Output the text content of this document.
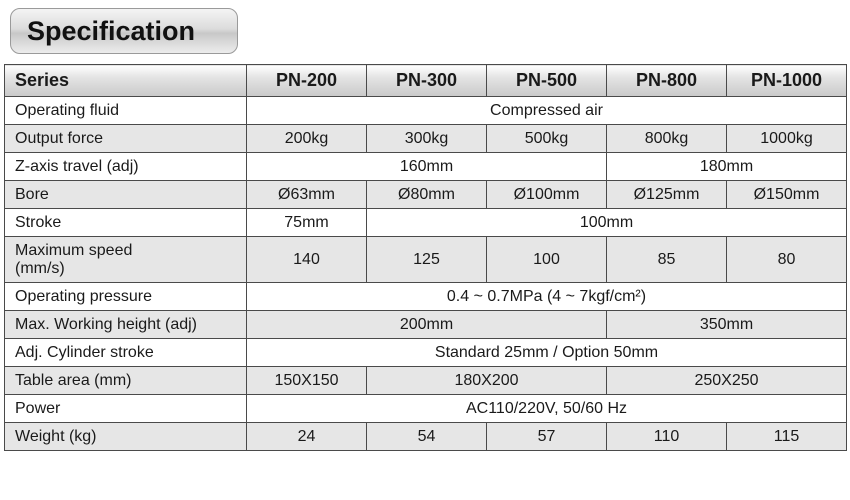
Specification
Series	PN-200	PN-300	PN-500	PN-800	PN-1000
Operating fluid	Compressed air				
Output force	200kg	300kg	500kg	800kg	1000kg
Z-axis travel (adj)	160mm			180mm	
Bore	Ø63mm	Ø80mm	Ø100mm	Ø125mm	Ø150mm
Stroke	75mm	100mm			
Maximum speed
(mm/s)	140	125	100	85	80
Operating pressure	0.4 ~ 0.7MPa (4 ~ 7kgf/cm²)				
Max. Working height (adj)	200mm			350mm	
Adj. Cylinder stroke	Standard 25mm / Option 50mm				
Table area (mm)	150X150	180X200		250X250	
Power	AC110/220V, 50/60 Hz				
Weight (kg)	24	54	57	110	115
